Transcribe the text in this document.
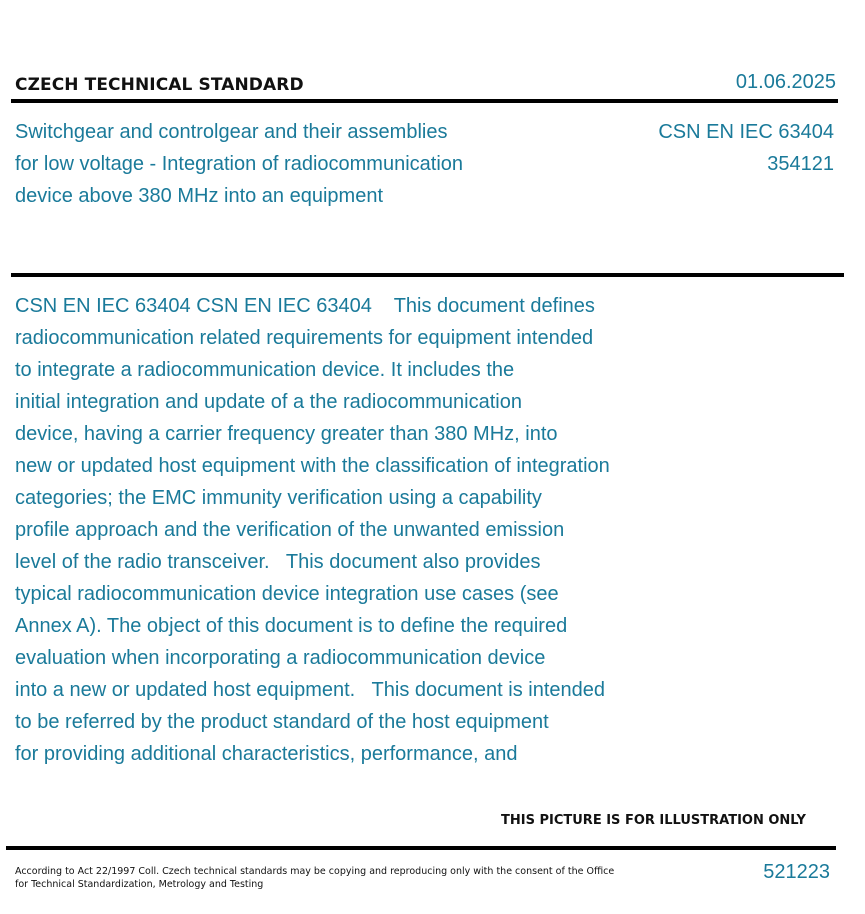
CZECH TECHNICAL STANDARD	01.06.2025
Switchgear and controlgear and their assemblies
for low voltage - Integration of radiocommunication
device above 380 MHz into an equipment
CSN EN IEC 63404
354121
CSN EN IEC 63404 CSN EN IEC 63404    This document defines
radiocommunication related requirements for equipment intended
to integrate a radiocommunication device. It includes the
initial integration and update of a the radiocommunication
device, having a carrier frequency greater than 380 MHz, into
new or updated host equipment with the classification of integration
categories; the EMC immunity verification using a capability
profile approach and the verification of the unwanted emission
level of the radio transceiver.   This document also provides
typical radiocommunication device integration use cases (see
Annex A). The object of this document is to define the required
evaluation when incorporating a radiocommunication device
into a new or updated host equipment.   This document is intended
to be referred by the product standard of the host equipment
for providing additional characteristics, performance, and
THIS PICTURE IS FOR ILLUSTRATION ONLY
According to Act 22/1997 Coll. Czech technical standards may be copying and reproducing only with the consent of the Office
for Technical Standardization, Metrology and Testing
521223
